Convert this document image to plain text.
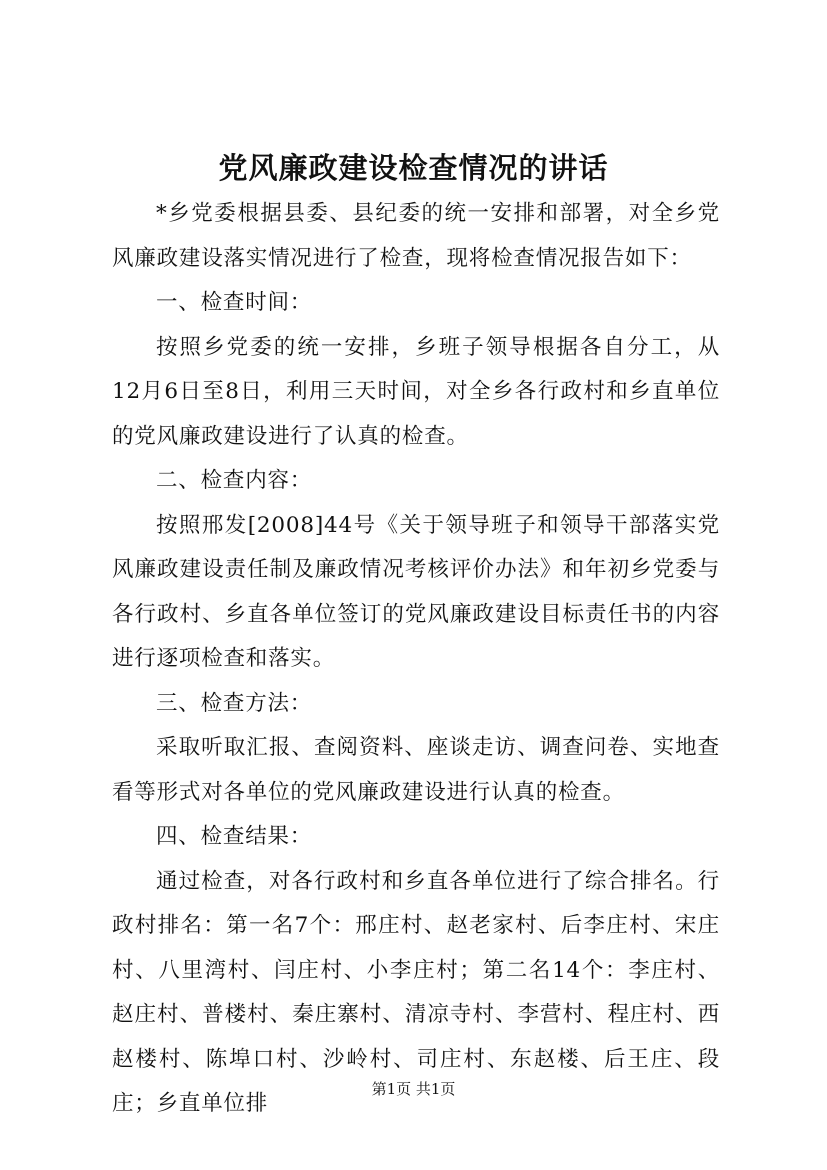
党风廉政建设检查情况的讲话

*乡党委根据县委、县纪委的统一安排和部署，对全乡党风廉政建设落实情况进行了检查，现将检查情况报告如下：

一、检查时间：

按照乡党委的统一安排，乡班子领导根据各自分工，从12月6日至8日，利用三天时间，对全乡各行政村和乡直单位的党风廉政建设进行了认真的检查。

二、检查内容：

按照邢发[2008]44号《关于领导班子和领导干部落实党风廉政建设责任制及廉政情况考核评价办法》和年初乡党委与各行政村、乡直各单位签订的党风廉政建设目标责任书的内容进行逐项检查和落实。

三、检查方法：

采取听取汇报、查阅资料、座谈走访、调查问卷、实地查看等形式对各单位的党风廉政建设进行认真的检查。

四、检查结果：

通过检查，对各行政村和乡直各单位进行了综合排名。行政村排名：第一名7个：邢庄村、赵老家村、后李庄村、宋庄村、八里湾村、闫庄村、小李庄村；第二名14个：李庄村、赵庄村、普楼村、秦庄寨村、清凉寺村、李营村、程庄村、西赵楼村、陈埠口村、沙岭村、司庄村、东赵楼、后王庄、段庄；乡直单位排

第1页 共1页
